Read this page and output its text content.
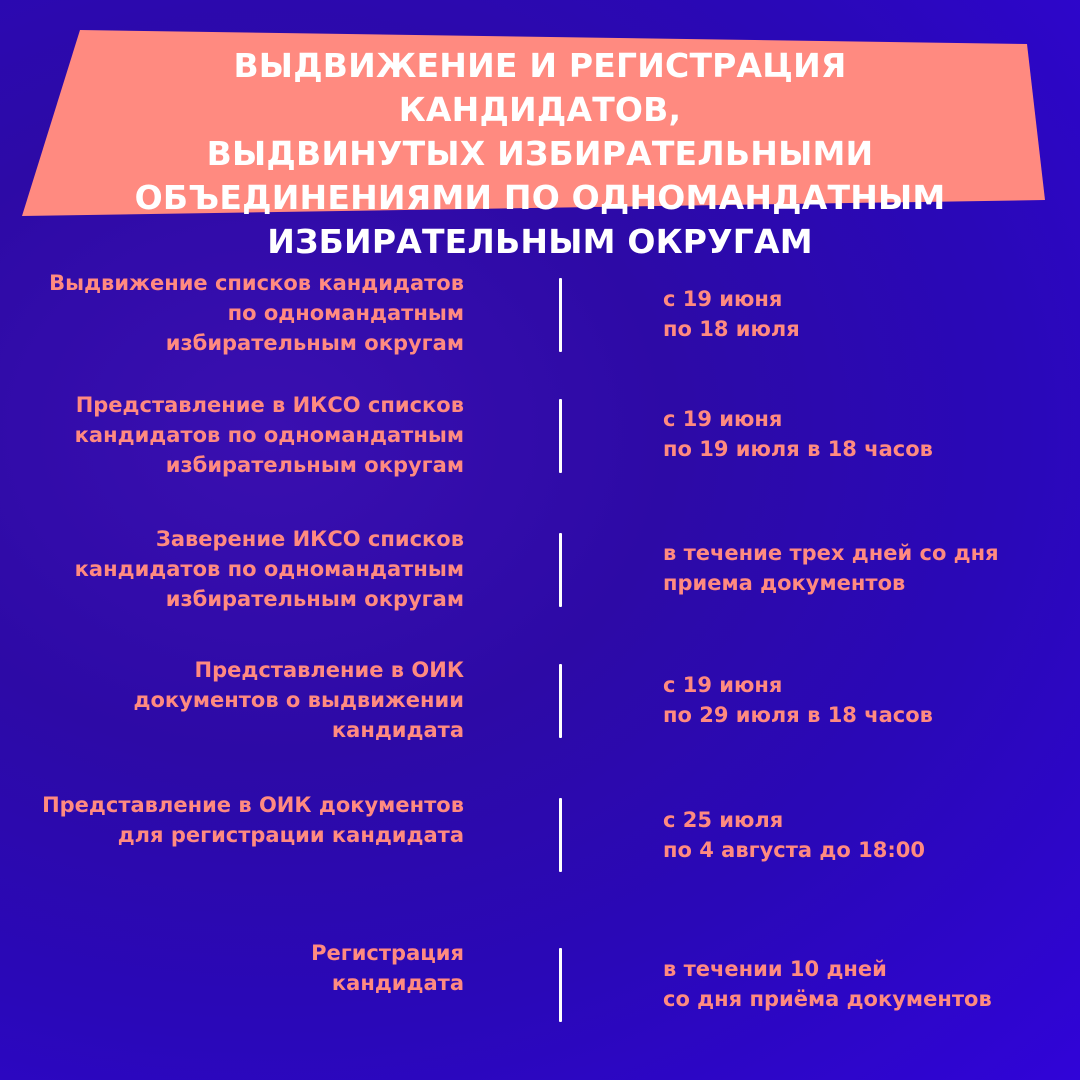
ВЫДВИЖЕНИЕ И РЕГИСТРАЦИЯ КАНДИДАТОВ,
ВЫДВИНУТЫХ ИЗБИРАТЕЛЬНЫМИ
ОБЪЕДИНЕНИЯМИ ПО ОДНОМАНДАТНЫМ
ИЗБИРАТЕЛЬНЫМ ОКРУГАМ
Выдвижение списков кандидатов
по одномандатным
избирательным округам
с 19 июня
по 18 июля
Представление в ИКСО списков
кандидатов по одномандатным
избирательным округам
с 19 июня
по 19 июля в 18 часов
Заверение ИКСО списков
кандидатов по одномандатным
избирательным округам
в течение трех дней со дня
приема документов
Представление в ОИК
документов о выдвижении
кандидата
с 19 июня
по 29 июля в 18 часов
Представление в ОИК документов
для регистрации кандидата
с 25 июля
по 4 августа до 18:00
Регистрация
кандидата
в течении 10 дней
со дня приёма документов
